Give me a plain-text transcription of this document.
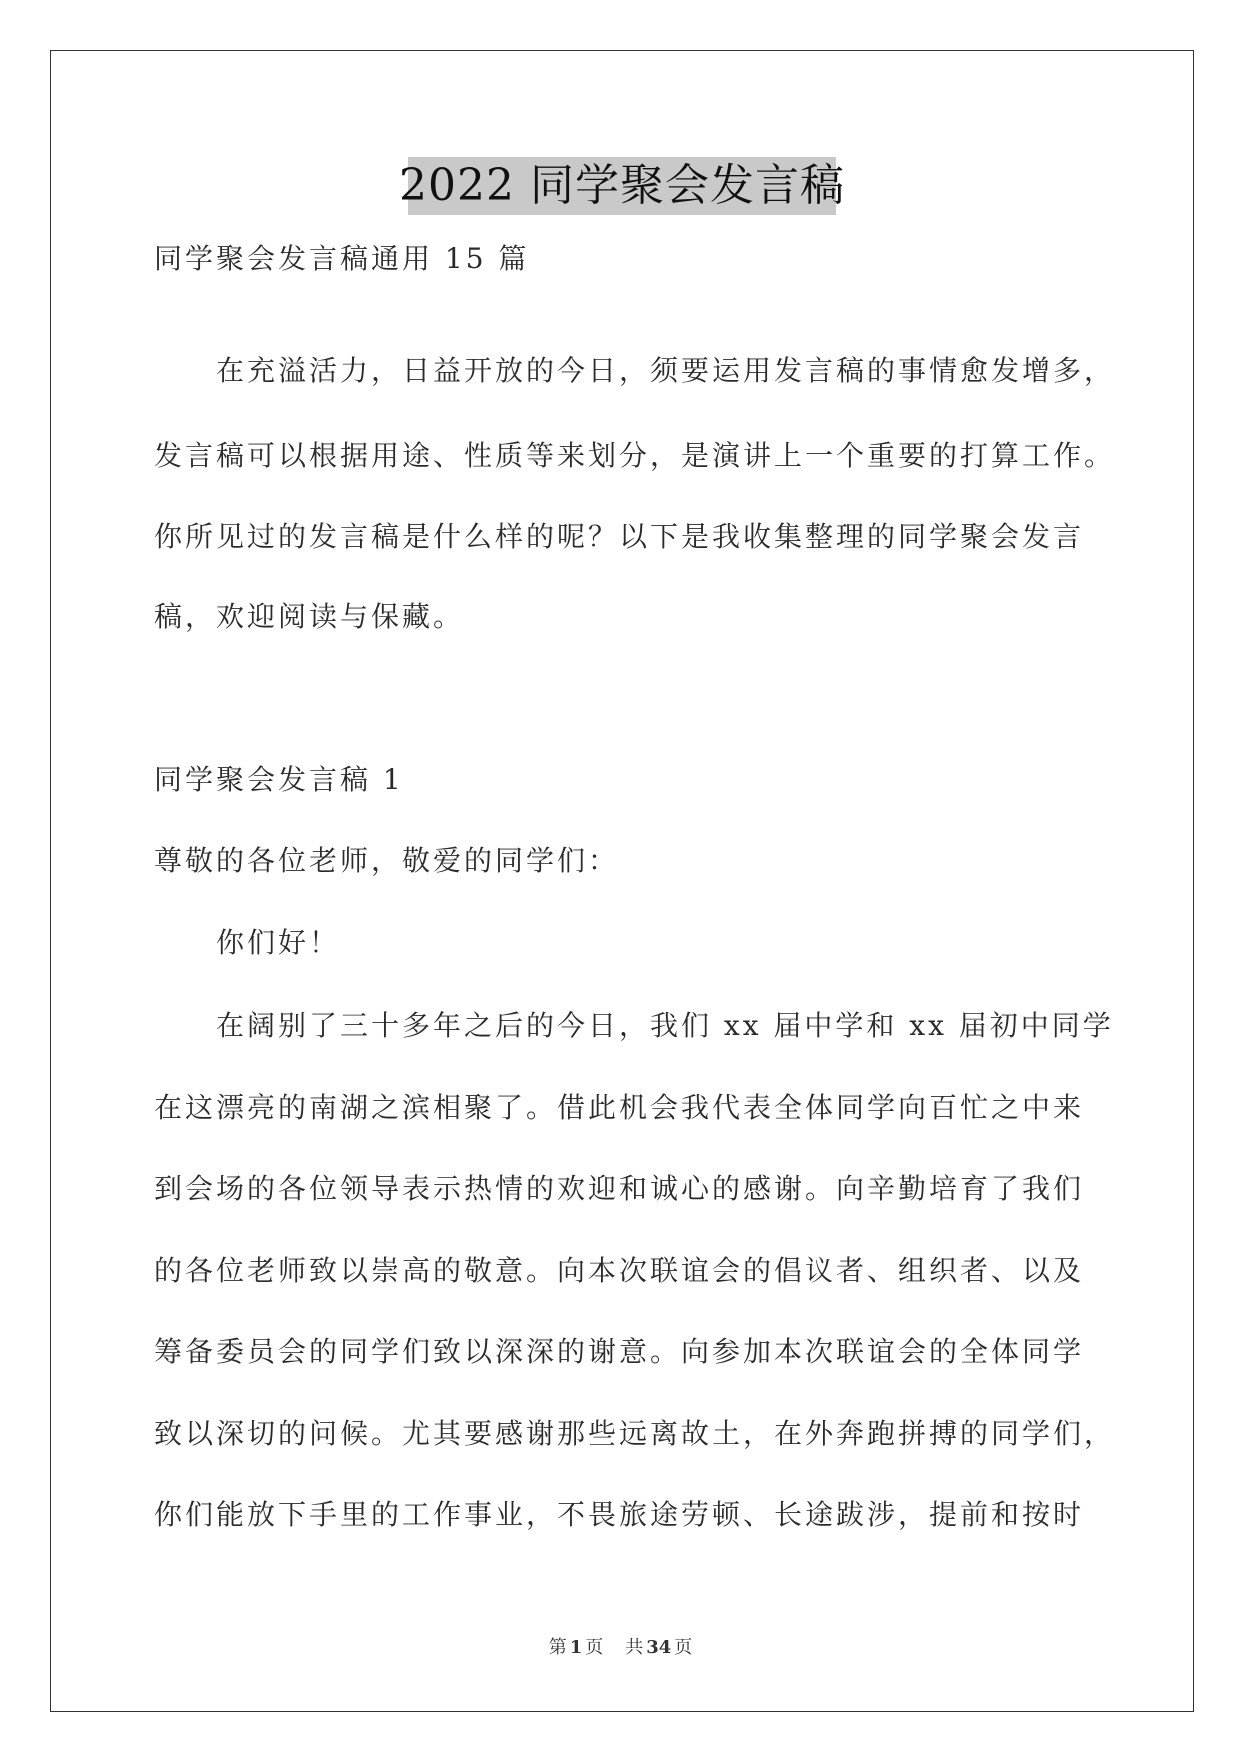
2022 同学聚会发言稿
同学聚会发言稿通用 15 篇
在充溢活力，日益开放的今日，须要运用发言稿的事情愈发增多，
发言稿可以根据用途、性质等来划分，是演讲上一个重要的打算工作。
你所见过的发言稿是什么样的呢？以下是我收集整理的同学聚会发言
稿，欢迎阅读与保藏。
同学聚会发言稿 1
尊敬的各位老师，敬爱的同学们：
你们好！
在阔别了三十多年之后的今日，我们 xx 届中学和 xx 届初中同学
在这漂亮的南湖之滨相聚了。借此机会我代表全体同学向百忙之中来
到会场的各位领导表示热情的欢迎和诚心的感谢。向辛勤培育了我们
的各位老师致以崇高的敬意。向本次联谊会的倡议者、组织者、以及
筹备委员会的同学们致以深深的谢意。向参加本次联谊会的全体同学
致以深切的问候。尤其要感谢那些远离故土，在外奔跑拼搏的同学们，
你们能放下手里的工作事业，不畏旅途劳顿、长途跋涉，提前和按时
第 1 页 共 34 页
